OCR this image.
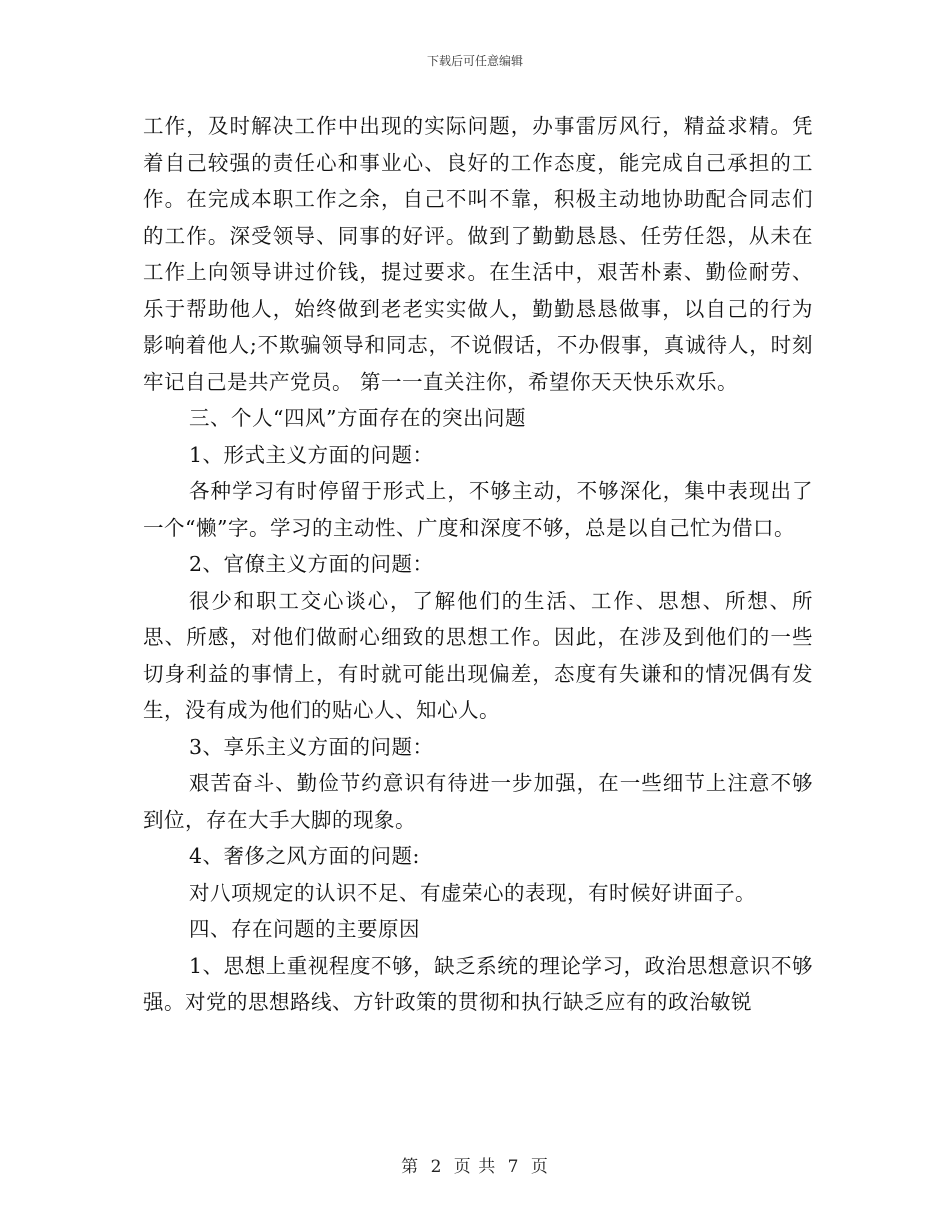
下载后可任意编辑

工作，及时解决工作中出现的实际问题，办事雷厉风行，精益求精。凭着自己较强的责任心和事业心、良好的工作态度，能完成自己承担的工作。在完成本职工作之余，自己不叫不靠，积极主动地协助配合同志们的工作。深受领导、同事的好评。做到了勤勤恳恳、任劳任怨，从未在工作上向领导讲过价钱，提过要求。在生活中，艰苦朴素、勤俭耐劳、乐于帮助他人，始终做到老老实实做人，勤勤恳恳做事，以自己的行为影响着他人;不欺骗领导和同志，不说假话，不办假事，真诚待人，时刻牢记自己是共产党员。 第一一直关注你，希望你天天快乐欢乐。

三、个人“四风”方面存在的突出问题

1、形式主义方面的问题：

各种学习有时停留于形式上，不够主动，不够深化，集中表现出了一个“懒”字。学习的主动性、广度和深度不够，总是以自己忙为借口。

2、官僚主义方面的问题：

很少和职工交心谈心，了解他们的生活、工作、思想、所想、所思、所感，对他们做耐心细致的思想工作。因此，在涉及到他们的一些切身利益的事情上，有时就可能出现偏差，态度有失谦和的情况偶有发生，没有成为他们的贴心人、知心人。

3、享乐主义方面的问题：

艰苦奋斗、勤俭节约意识有待进一步加强，在一些细节上注意不够到位，存在大手大脚的现象。

4、奢侈之风方面的问题:

对八项规定的认识不足、有虚荣心的表现，有时候好讲面子。

四、存在问题的主要原因

1、思想上重视程度不够，缺乏系统的理论学习，政治思想意识不够强。对党的思想路线、方针政策的贯彻和执行缺乏应有的政治敏锐

第 2 页 共 7 页
